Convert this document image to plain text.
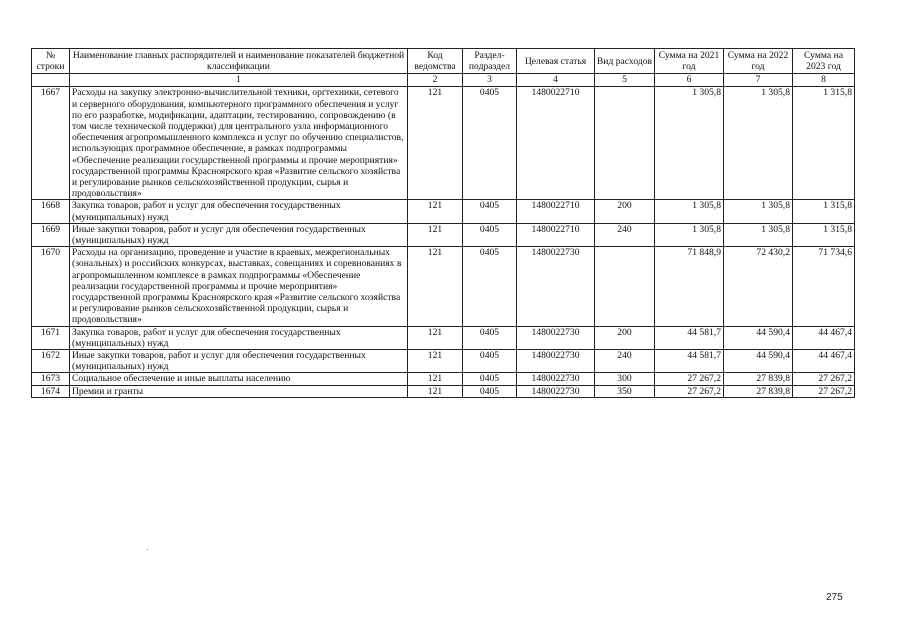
№ строки	Наименование главных распорядителей и наименование показателей бюджетной классификации	Код ведомства	Раздел-подраздел	Целевая статья	Вид расходов	Сумма на 2021 год	Сумма на 2022 год	Сумма на 2023 год
	1	2	3	4	5	6	7	8
1667	Расходы на закупку электронно-вычислительной техники, оргтехники, сетевого и серверного оборудования, компьютерного программного обеспечения и услуг по его разработке, модификации, адаптации, тестированию, сопровождению (в том числе технической поддержки) для центрального узла информационного обеспечения агропромышленного комплекса и услуг по обучению специалистов, использующих программное обеспечение, в рамках подпрограммы «Обеспечение реализации государственной программы и прочие мероприятия» государственной программы Красноярского края «Развитие сельского хозяйства и регулирование рынков сельскохозяйственной продукции, сырья и продовольствия»	121	0405	1480022710		1 305,8	1 305,8	1 315,8
1668	Закупка товаров, работ и услуг для обеспечения государственных (муниципальных) нужд	121	0405	1480022710	200	1 305,8	1 305,8	1 315,8
1669	Иные закупки товаров, работ и услуг для обеспечения государственных (муниципальных) нужд	121	0405	1480022710	240	1 305,8	1 305,8	1 315,8
1670	Расходы на организацию, проведение и участие в краевых, межрегиональных (зональных) и российских конкурсах, выставках, совещаниях и соревнованиях в агропромышленном комплексе в рамках подпрограммы «Обеспечение реализации государственной программы и прочие мероприятия» государственной программы Красноярского края «Развитие сельского хозяйства и регулирование рынков сельскохозяйственной продукции, сырья и продовольствия»	121	0405	1480022730		71 848,9	72 430,2	71 734,6
1671	Закупка товаров, работ и услуг для обеспечения государственных (муниципальных) нужд	121	0405	1480022730	200	44 581,7	44 590,4	44 467,4
1672	Иные закупки товаров, работ и услуг для обеспечения государственных (муниципальных) нужд	121	0405	1480022730	240	44 581,7	44 590,4	44 467,4
1673	Социальное обеспечение и иные выплаты населению	121	0405	1480022730	300	27 267,2	27 839,8	27 267,2
1674	Премии и гранты	121	0405	1480022730	350	27 267,2	27 839,8	27 267,2
275
